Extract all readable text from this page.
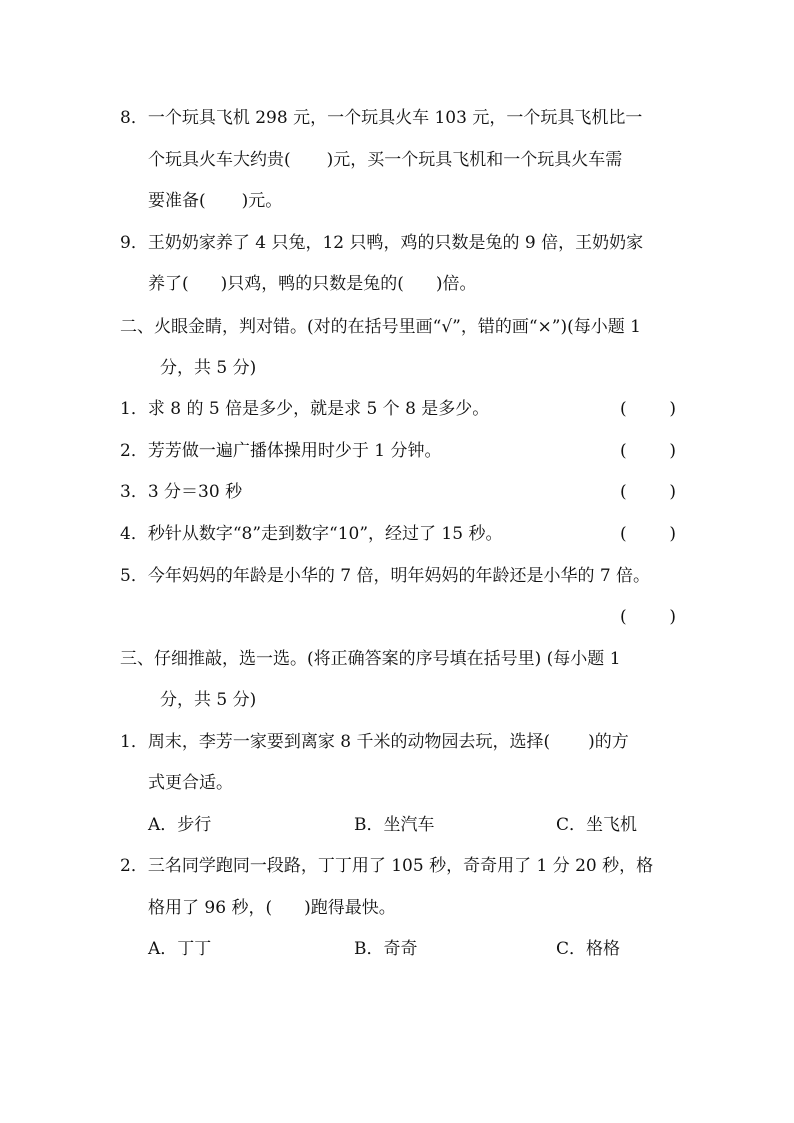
8．一个玩具飞机 298 元，一个玩具火车 103 元，一个玩具飞机比一
个玩具火车大约贵( )元，买一个玩具飞机和一个玩具火车需
要准备( )元。
9．王奶奶家养了 4 只兔，12 只鸭，鸡的只数是兔的 9 倍，王奶奶家
养了( )只鸡，鸭的只数是兔的( )倍。
二、火眼金睛，判对错。(对的在括号里画“√”，错的画“×”)(每小题 1
分，共 5 分)
1．求 8 的 5 倍是多少，就是求 5 个 8 是多少。	(	)
2．芳芳做一遍广播体操用时少于 1 分钟。	(	)
3．3 分＝30 秒	(	)
4．秒针从数字“8”走到数字“10”，经过了 15 秒。	(	)
5．今年妈妈的年龄是小华的 7 倍，明年妈妈的年龄还是小华的 7 倍。
(	)
三、仔细推敲，选一选。(将正确答案的序号填在括号里) (每小题 1
分，共 5 分)
1．周末，李芳一家要到离家 8 千米的动物园去玩，选择( )的方
式更合适。
A．步行	B．坐汽车	C．坐飞机
2．三名同学跑同一段路，丁丁用了 105 秒，奇奇用了 1 分 20 秒，格
格用了 96 秒，( )跑得最快。
A．丁丁	B．奇奇	C．格格
